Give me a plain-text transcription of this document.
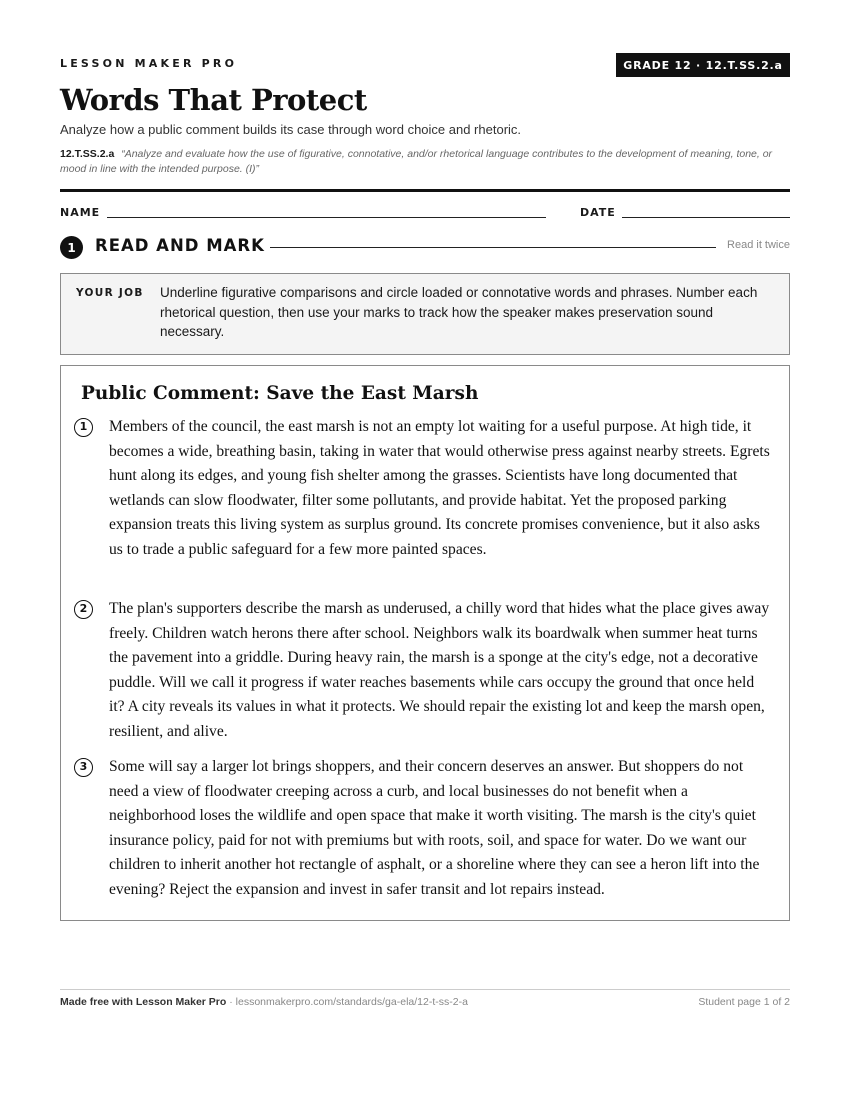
LESSON MAKER PRO	GRADE 12 · 12.T.SS.2.a
Words That Protect
Analyze how a public comment builds its case through word choice and rhetoric.
12.T.SS.2.a “Analyze and evaluate how the use of figurative, connotative, and/or rhetorical language contributes to the development of meaning, tone, or mood in line with the intended purpose. (I)”
NAME	DATE
1	READ AND MARK	Read it twice
YOUR JOB Underline figurative comparisons and circle loaded or connotative words and phrases. Number each rhetorical question, then use your marks to track how the speaker makes preservation sound necessary.
Public Comment: Save the East Marsh
1	Members of the council, the east marsh is not an empty lot waiting for a useful purpose. At high tide, it becomes a wide, breathing basin, taking in water that would otherwise press against nearby streets. Egrets hunt along its edges, and young fish shelter among the grasses. Scientists have long documented that wetlands can slow floodwater, filter some pollutants, and provide habitat. Yet the proposed parking expansion treats this living system as surplus ground. Its concrete promises convenience, but it also asks us to trade a public safeguard for a few more painted spaces.
2	The plan's supporters describe the marsh as underused, a chilly word that hides what the place gives away freely. Children watch herons there after school. Neighbors walk its boardwalk when summer heat turns the pavement into a griddle. During heavy rain, the marsh is a sponge at the city's edge, not a decorative puddle. Will we call it progress if water reaches basements while cars occupy the ground that once held it? A city reveals its values in what it protects. We should repair the existing lot and keep the marsh open, resilient, and alive.
3	Some will say a larger lot brings shoppers, and their concern deserves an answer. But shoppers do not need a view of floodwater creeping across a curb, and local businesses do not benefit when a neighborhood loses the wildlife and open space that make it worth visiting. The marsh is the city's quiet insurance policy, paid for not with premiums but with roots, soil, and space for water. Do we want our children to inherit another hot rectangle of asphalt, or a shoreline where they can see a heron lift into the evening? Reject the expansion and invest in safer transit and lot repairs instead.
Made free with Lesson Maker Pro · lessonmakerpro.com/standards/ga-ela/12-t-ss-2-a	Student page 1 of 2
